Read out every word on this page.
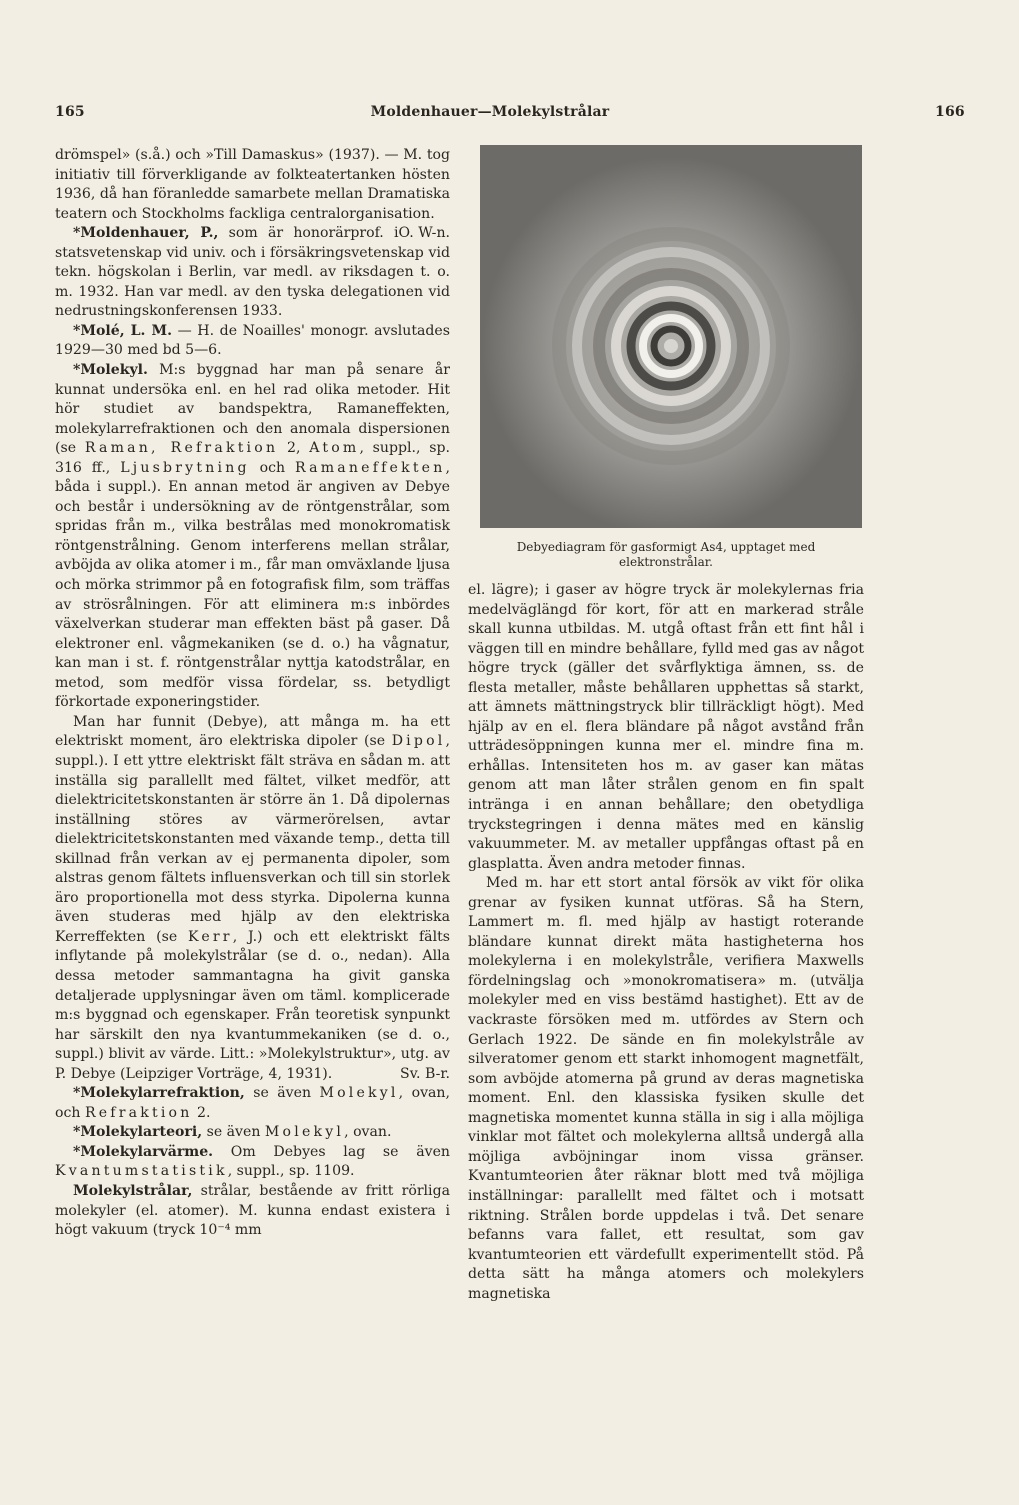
165	Moldenhauer—Molekylstrålar	166

drömspel» (s.å.) och »Till Damaskus» (1937). — M. tog initiativ till förverkligande av folkteatertanken hösten 1936, då han föranledde samarbete mellan Dramatiska teatern och Stockholms fackliga centralorganisation.
O. W-n.

*Moldenhauer, P., som är honorärprof. i statsvetenskap vid univ. och i försäkringsvetenskap vid tekn. högskolan i Berlin, var medl. av riksdagen t. o. m. 1932. Han var medl. av den tyska delegationen vid nedrustningskonferensen 1933.

*Molé, L. M. — H. de Noailles' monogr. avslutades 1929—30 med bd 5—6.

*Molekyl. M:s byggnad har man på senare år kunnat undersöka enl. en hel rad olika metoder. Hit hör studiet av bandspektra, Ramaneffekten, molekylarrefraktionen och den anomala dispersionen (se Raman, Refraktion 2, Atom, suppl., sp. 316 ff., Ljusbrytning och Ramaneffekten, båda i suppl.). En annan metod är angiven av Debye och består i undersökning av de röntgenstrålar, som spridas från m., vilka bestrålas med monokromatisk röntgenstrålning. Genom interferens mellan strålar, avböjda av olika atomer i m., får man omväxlande ljusa och mörka strimmor på en fotografisk film, som träffas av strösrålningen. För att eliminera m:s inbördes växelverkan studerar man effekten bäst på gaser. Då elektroner enl. vågmekaniken (se d. o.) ha vågnatur, kan man i st. f. röntgenstrålar nyttja katodstrålar, en metod, som medför vissa fördelar, ss. betydligt förkortade exponeringstider.

Man har funnit (Debye), att många m. ha ett elektriskt moment, äro elektriska dipoler (se Dipol, suppl.). I ett yttre elektriskt fält sträva en sådan m. att inställa sig parallellt med fältet, vilket medför, att dielektricitetskonstanten är större än 1. Då dipolernas inställning störes av värmerörelsen, avtar dielektricitetskonstanten med växande temp., detta till skillnad från verkan av ej permanenta dipoler, som alstras genom fältets influensverkan och till sin storlek äro proportionella mot dess styrka. Dipolerna kunna även studeras med hjälp av den elektriska Kerreffekten (se Kerr, J.) och ett elektriskt fälts inflytande på molekylstrålar (se d. o., nedan). Alla dessa metoder sammantagna ha givit ganska detaljerade upplysningar även om täml. komplicerade m:s byggnad och egenskaper. Från teoretisk synpunkt har särskilt den nya kvantummekaniken (se d. o., suppl.) blivit av värde. Litt.: »Molekylstruktur», utg. av P. Debye (Leipziger Vorträge, 4, 1931).	Sv. B-r.

*Molekylarrefraktion, se även Molekyl, ovan, och Refraktion 2.

*Molekylarteori, se även Molekyl, ovan.

*Molekylarvärme. Om Debyes lag se även Kvantumstatistik, suppl., sp. 1109.

Molekylstrålar, strålar, bestående av fritt rörliga molekyler (el. atomer). M. kunna endast existera i högt vakuum (tryck 10⁻⁴ mm

Debyediagram för gasformigt As4, upptaget med elektronstrålar.

el. lägre); i gaser av högre tryck är molekylernas fria medelväglängd för kort, för att en markerad stråle skall kunna utbildas. M. utgå oftast från ett fint hål i väggen till en mindre behållare, fylld med gas av något högre tryck (gäller det svårflyktiga ämnen, ss. de flesta metaller, måste behållaren upphettas så starkt, att ämnets mättningstryck blir tillräckligt högt). Med hjälp av en el. flera bländare på något avstånd från utträdesöppningen kunna mer el. mindre fina m. erhållas. Intensiteten hos m. av gaser kan mätas genom att man låter strålen genom en fin spalt intränga i en annan behållare; den obetydliga tryckstegringen i denna mätes med en känslig vakuummeter. M. av metaller uppfångas oftast på en glasplatta. Även andra metoder finnas.

Med m. har ett stort antal försök av vikt för olika grenar av fysiken kunnat utföras. Så ha Stern, Lammert m. fl. med hjälp av hastigt roterande bländare kunnat direkt mäta hastigheterna hos molekylerna i en molekylstråle, verifiera Maxwells fördelningslag och »monokromatisera» m. (utvälja molekyler med en viss bestämd hastighet). Ett av de vackraste försöken med m. utfördes av Stern och Gerlach 1922. De sände en fin molekylstråle av silveratomer genom ett starkt inhomogent magnetfält, som avböjde atomerna på grund av deras magnetiska moment. Enl. den klassiska fysiken skulle det magnetiska momentet kunna ställa in sig i alla möjliga vinklar mot fältet och molekylerna alltså undergå alla möjliga avböjningar inom vissa gränser. Kvantumteorien åter räknar blott med två möjliga inställningar: parallellt med fältet och i motsatt riktning. Strålen borde uppdelas i två. Det senare befanns vara fallet, ett resultat, som gav kvantumteorien ett värdefullt experimentellt stöd. På detta sätt ha många atomers och molekylers magnetiska
